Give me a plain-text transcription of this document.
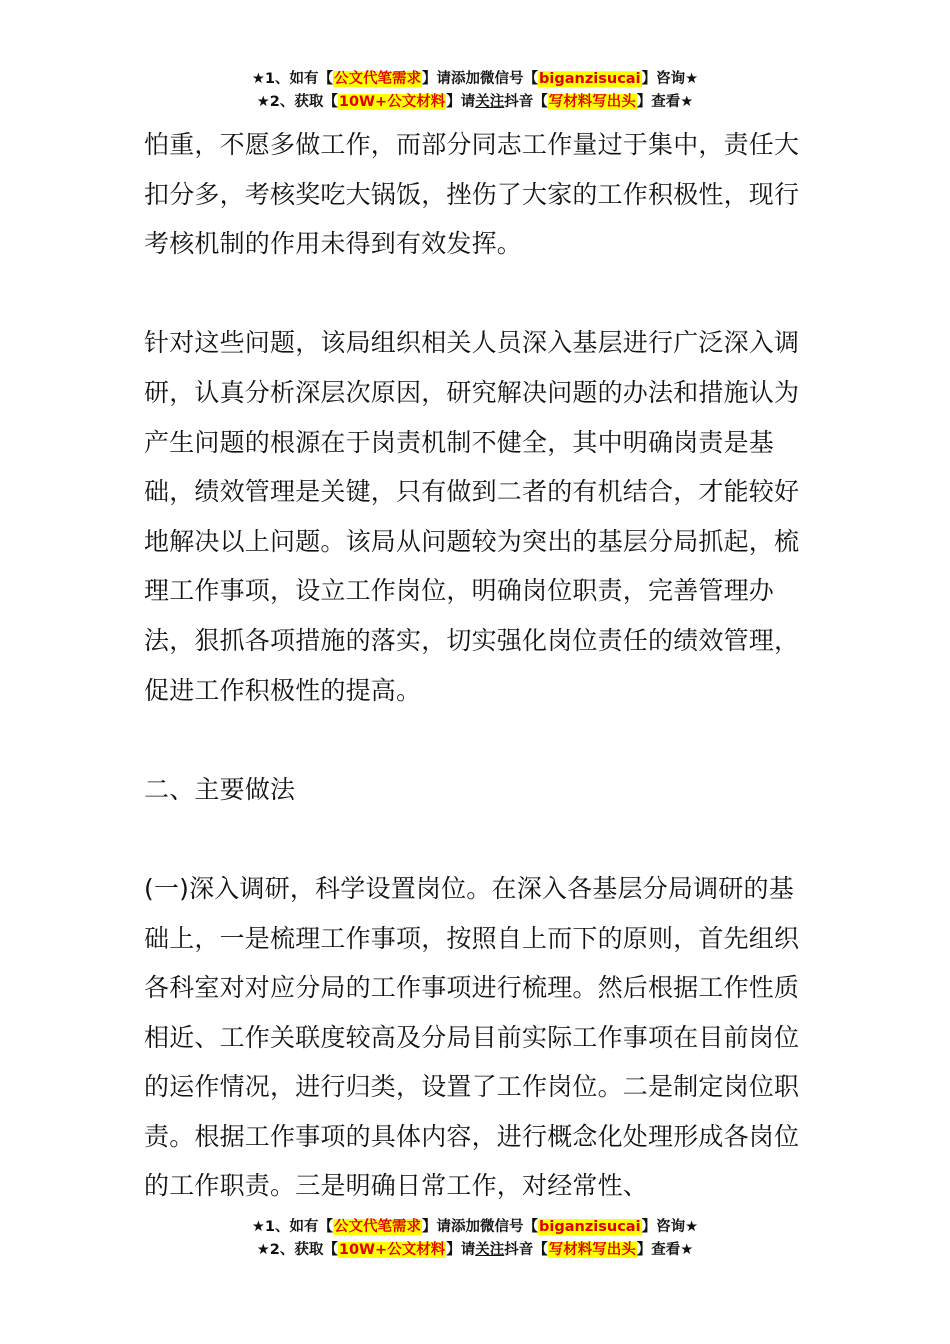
★1、如有【公文代笔需求】请添加微信号【biganzisucai】咨询★
★2、获取【10W+公文材料】请关注抖音【写材料写出头】查看★

怕重，不愿多做工作，而部分同志工作量过于集中，责任大扣分多，考核奖吃大锅饭，挫伤了大家的工作积极性，现行考核机制的作用未得到有效发挥。

针对这些问题，该局组织相关人员深入基层进行广泛深入调研，认真分析深层次原因，研究解决问题的办法和措施认为产生问题的根源在于岗责机制不健全，其中明确岗责是基础，绩效管理是关键，只有做到二者的有机结合，才能较好地解决以上问题。该局从问题较为突出的基层分局抓起，梳理工作事项，设立工作岗位，明确岗位职责，完善管理办法，狠抓各项措施的落实，切实强化岗位责任的绩效管理，促进工作积极性的提高。

二、主要做法

(一)深入调研，科学设置岗位。在深入各基层分局调研的基础上，一是梳理工作事项，按照自上而下的原则，首先组织各科室对对应分局的工作事项进行梳理。然后根据工作性质相近、工作关联度较高及分局目前实际工作事项在目前岗位的运作情况，进行归类，设置了工作岗位。二是制定岗位职责。根据工作事项的具体内容，进行概念化处理形成各岗位的工作职责。三是明确日常工作，对经常性、

★1、如有【公文代笔需求】请添加微信号【biganzisucai】咨询★
★2、获取【10W+公文材料】请关注抖音【写材料写出头】查看★
